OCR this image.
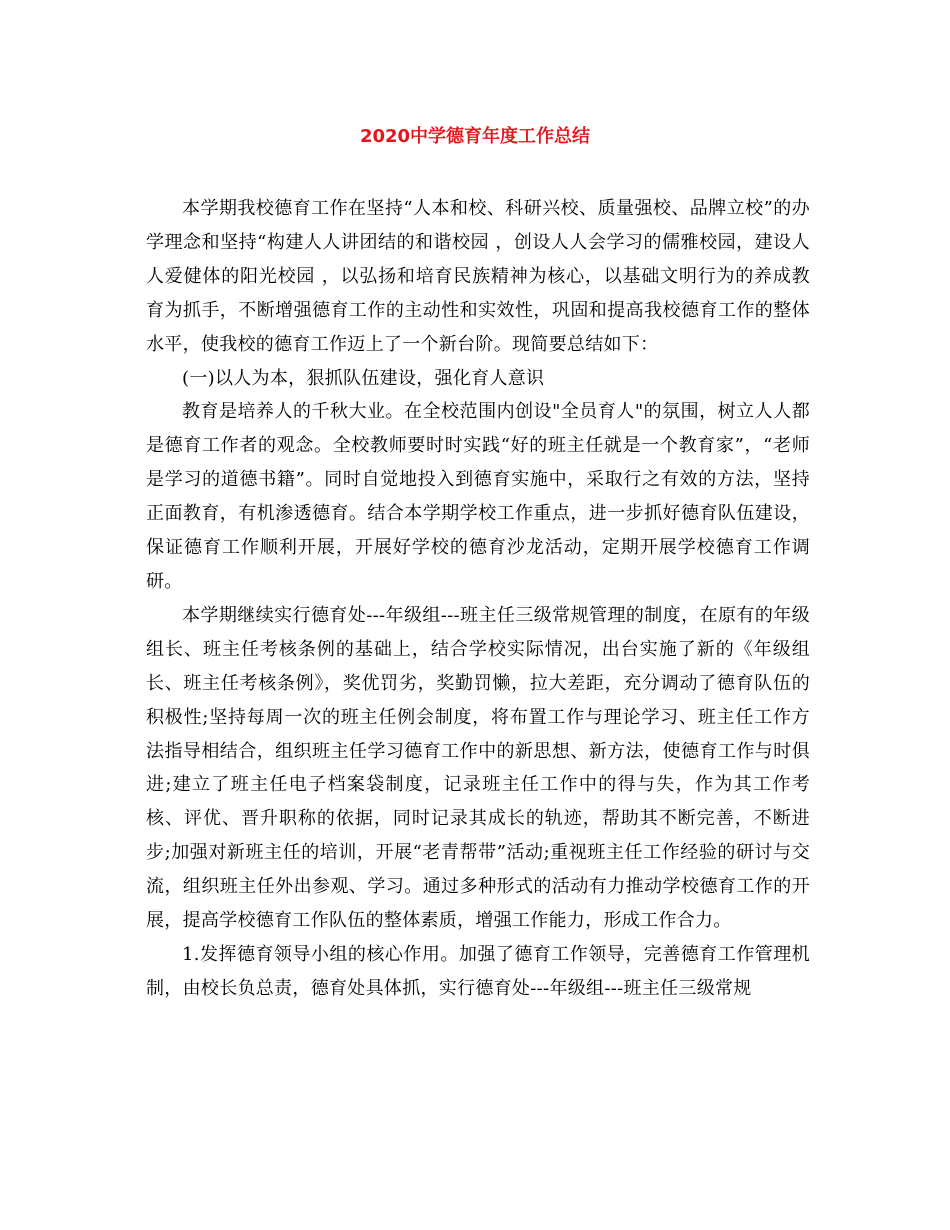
2020中学德育年度工作总结

本学期我校德育工作在坚持“人本和校、科研兴校、质量强校、品牌立校”的办学理念和坚持“构建人人讲团结的和谐校园 ，创设人人会学习的儒雅校园，建设人人爱健体的阳光校园 ，以弘扬和培育民族精神为核心，以基础文明行为的养成教育为抓手，不断增强德育工作的主动性和实效性，巩固和提高我校德育工作的整体水平，使我校的德育工作迈上了一个新台阶。现简要总结如下：

(一)以人为本，狠抓队伍建设，强化育人意识

教育是培养人的千秋大业。在全校范围内创设"全员育人"的氛围，树立人人都是德育工作者的观念。全校教师要时时实践“好的班主任就是一个教育家”，“老师是学习的道德书籍”。同时自觉地投入到德育实施中，采取行之有效的方法，坚持正面教育，有机渗透德育。结合本学期学校工作重点，进一步抓好德育队伍建设，保证德育工作顺利开展，开展好学校的德育沙龙活动，定期开展学校德育工作调研。

本学期继续实行德育处---年级组---班主任三级常规管理的制度，在原有的年级组长、班主任考核条例的基础上，结合学校实际情况，出台实施了新的《年级组长、班主任考核条例》，奖优罚劣，奖勤罚懒，拉大差距，充分调动了德育队伍的积极性;坚持每周一次的班主任例会制度，将布置工作与理论学习、班主任工作方法指导相结合，组织班主任学习德育工作中的新思想、新方法，使德育工作与时俱进;建立了班主任电子档案袋制度，记录班主任工作中的得与失，作为其工作考核、评优、晋升职称的依据，同时记录其成长的轨迹，帮助其不断完善，不断进步;加强对新班主任的培训，开展“老青帮带”活动;重视班主任工作经验的研讨与交流，组织班主任外出参观、学习。通过多种形式的活动有力推动学校德育工作的开展，提高学校德育工作队伍的整体素质，增强工作能力，形成工作合力。

1.发挥德育领导小组的核心作用。加强了德育工作领导，完善德育工作管理机制，由校长负总责，德育处具体抓，实行德育处---年级组---班主任三级常规
